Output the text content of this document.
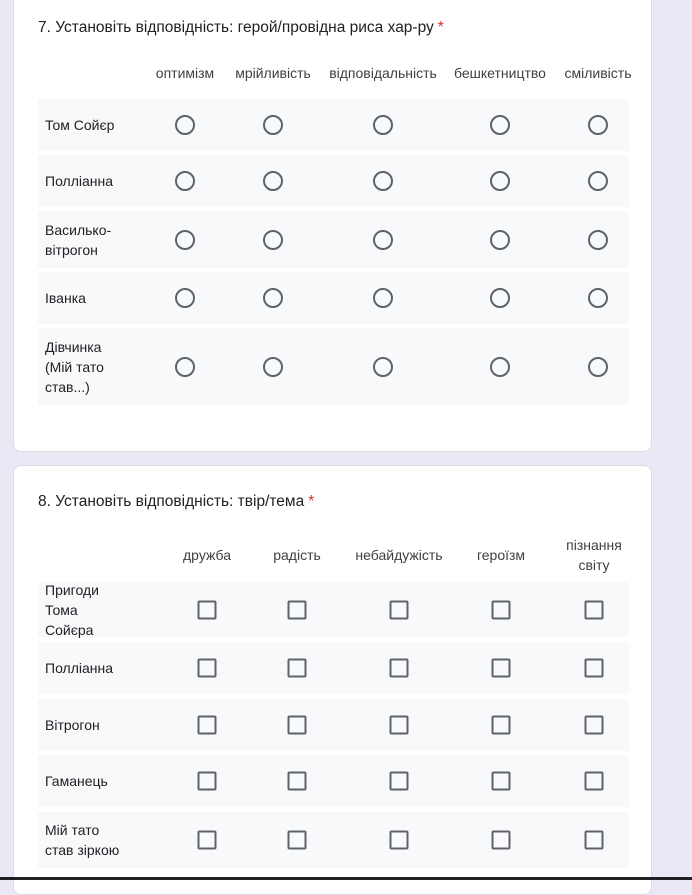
7. Установіть відповідність: герой/провідна риса хар-ру *
оптимізм мрійливість відповідальність бешкетництво сміливість
Том Сойєр
Поллiанна
Василько-вітрогон
Іванка
Дівчинка (Мій тато став...)
8. Установіть відповідність: твір/тема *
дружба	радість небайдужість героїзм
пізнання світу
Пригоди Тома Сойєра
Поллiанна
Вітрогон
Гаманець
Мій тато став зіркою
